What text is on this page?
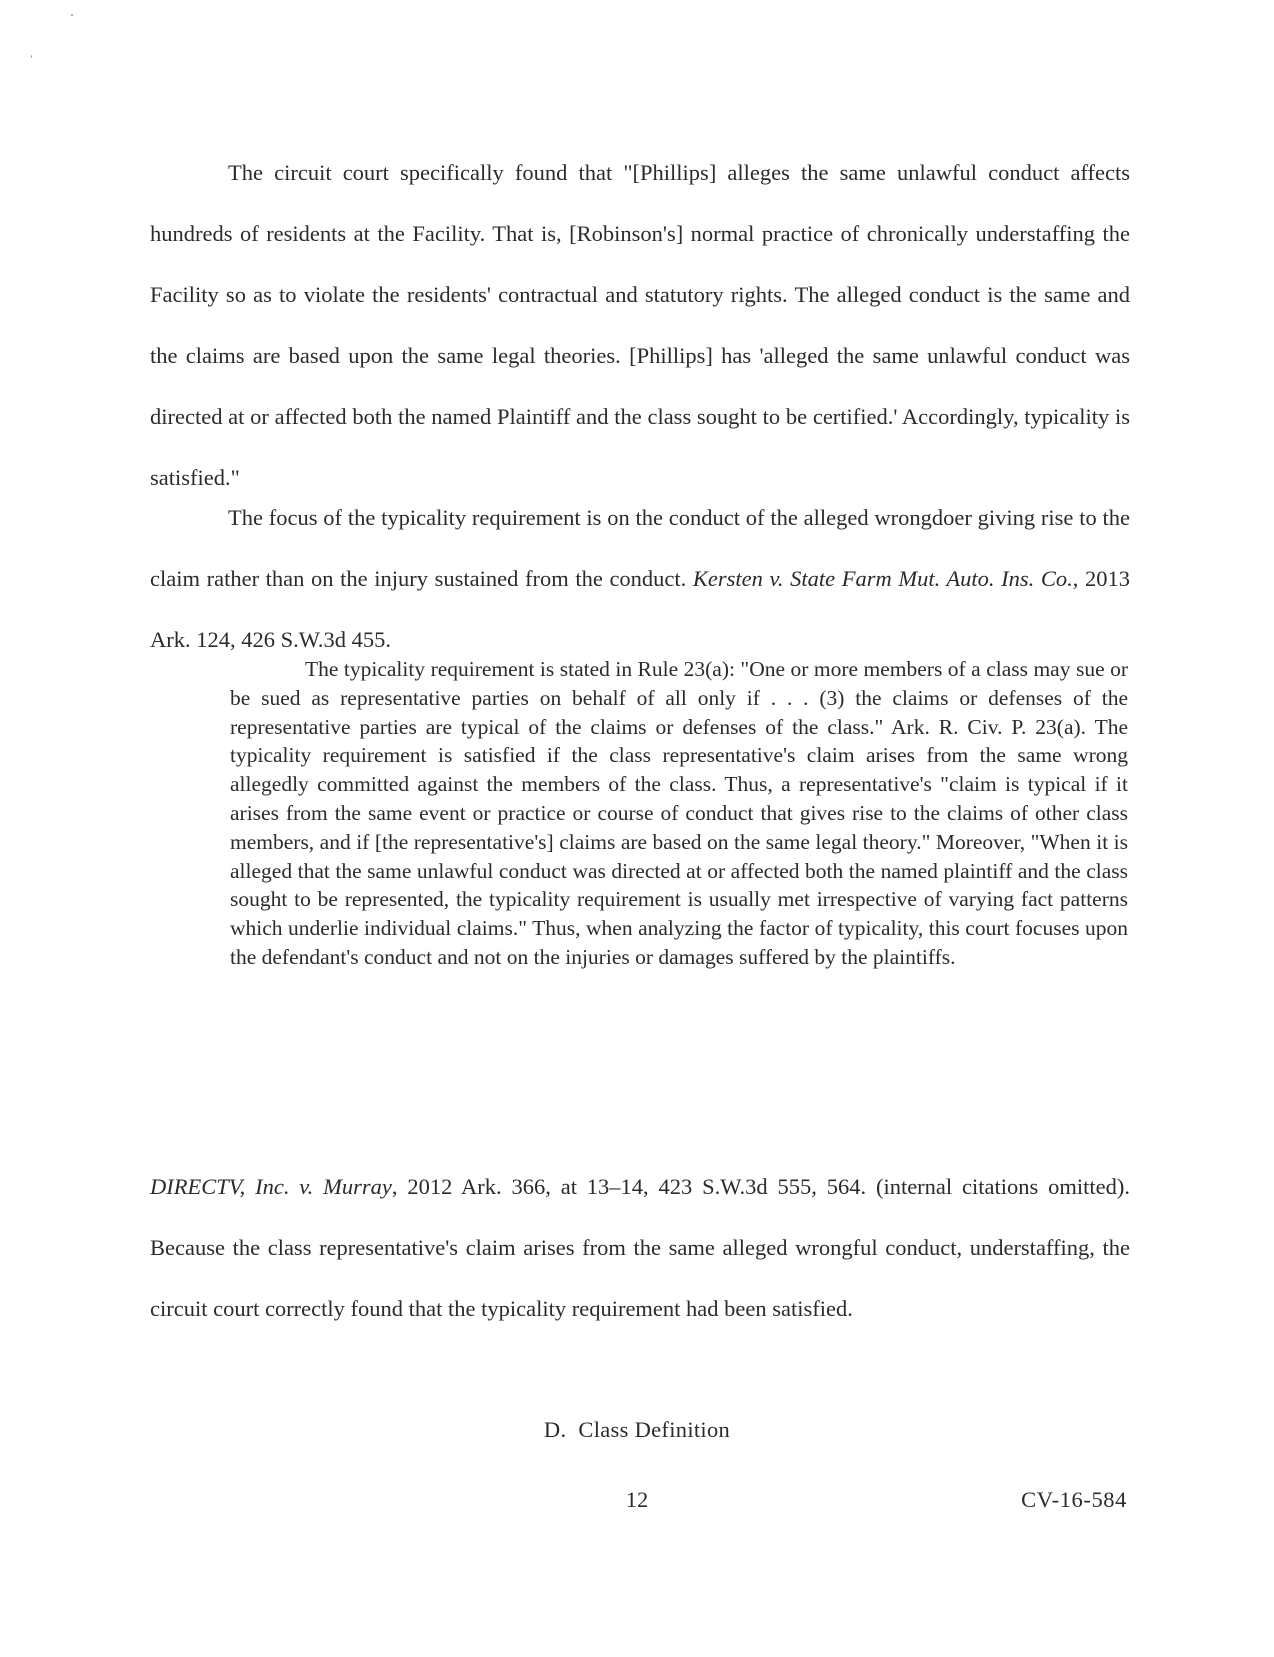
The circuit court specifically found that "[Phillips] alleges the same unlawful conduct affects hundreds of residents at the Facility. That is, [Robinson's] normal practice of chronically understaffing the Facility so as to violate the residents' contractual and statutory rights. The alleged conduct is the same and the claims are based upon the same legal theories. [Phillips] has 'alleged the same unlawful conduct was directed at or affected both the named Plaintiff and the class sought to be certified.' Accordingly, typicality is satisfied."

The focus of the typicality requirement is on the conduct of the alleged wrongdoer giving rise to the claim rather than on the injury sustained from the conduct. Kersten v. State Farm Mut. Auto. Ins. Co., 2013 Ark. 124, 426 S.W.3d 455.

The typicality requirement is stated in Rule 23(a): "One or more members of a class may sue or be sued as representative parties on behalf of all only if . . . (3) the claims or defenses of the representative parties are typical of the claims or defenses of the class." Ark. R. Civ. P. 23(a). The typicality requirement is satisfied if the class representative's claim arises from the same wrong allegedly committed against the members of the class. Thus, a representative's "claim is typical if it arises from the same event or practice or course of conduct that gives rise to the claims of other class members, and if [the representative's] claims are based on the same legal theory." Moreover, "When it is alleged that the same unlawful conduct was directed at or affected both the named plaintiff and the class sought to be represented, the typicality requirement is usually met irrespective of varying fact patterns which underlie individual claims." Thus, when analyzing the factor of typicality, this court focuses upon the defendant's conduct and not on the injuries or damages suffered by the plaintiffs.

DIRECTV, Inc. v. Murray, 2012 Ark. 366, at 13–14, 423 S.W.3d 555, 564. (internal citations omitted). Because the class representative's claim arises from the same alleged wrongful conduct, understaffing, the circuit court correctly found that the typicality requirement had been satisfied.

D. Class Definition
12	CV-16-584
